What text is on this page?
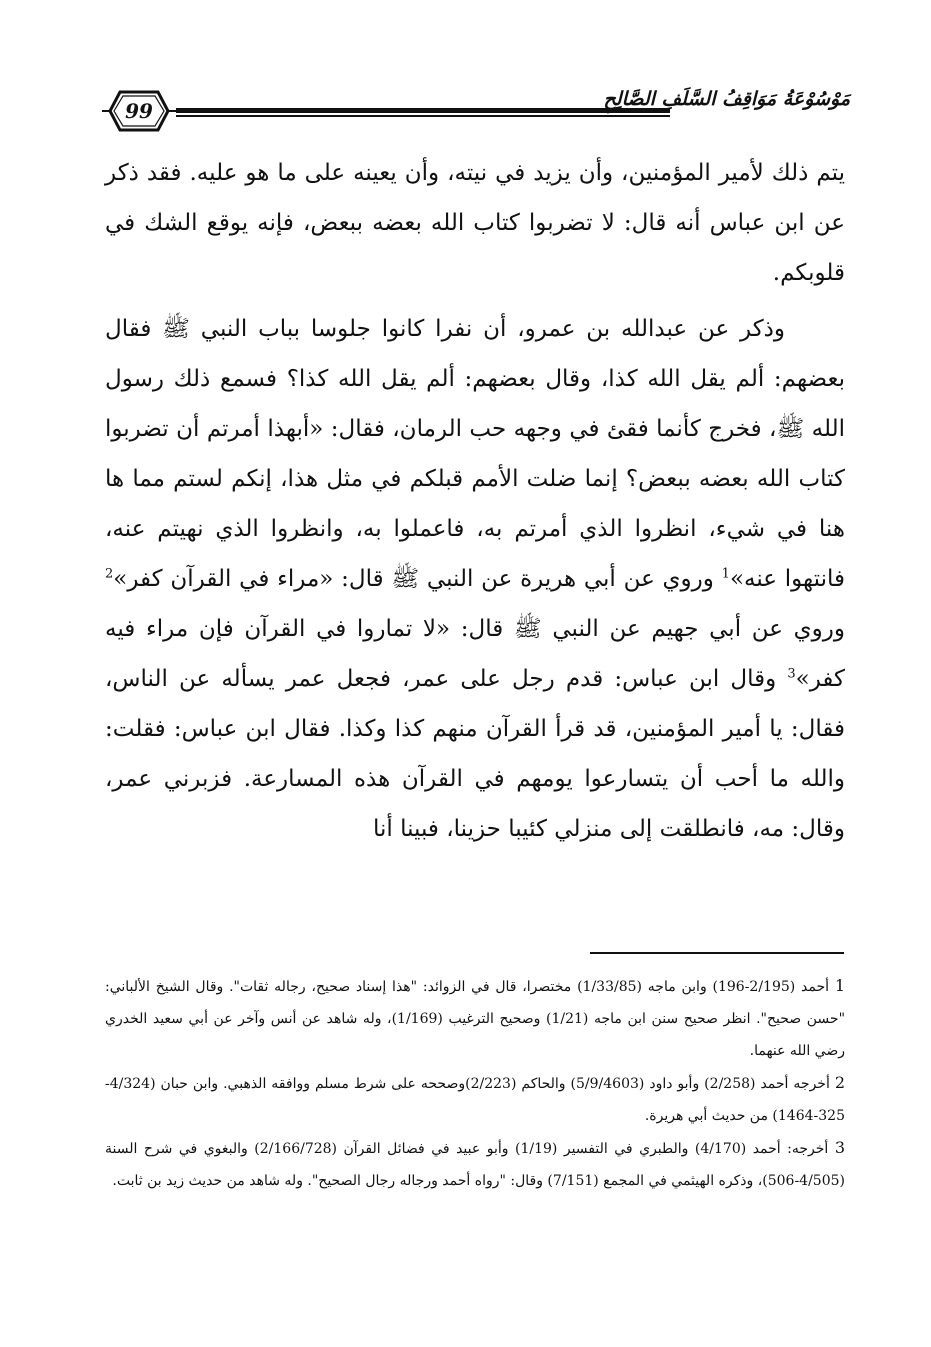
99	مَوْسُوْعَةُ مَوَاقِفُ السَّلَفِ الصَّالِحِ

يتم ذلك لأمير المؤمنين، وأن يزيد في نيته، وأن يعينه على ما هو عليه. فقد ذكر عن ابن عباس أنه قال: لا تضربوا كتاب الله بعضه ببعض، فإنه يوقع الشك في قلوبكم.

وذكر عن عبدالله بن عمرو، أن نفرا كانوا جلوسا بباب النبي ﷺ فقال بعضهم: ألم يقل الله كذا، وقال بعضهم: ألم يقل الله كذا؟ فسمع ذلك رسول الله ﷺ، فخرج كأنما فقئ في وجهه حب الرمان، فقال: «أبهذا أمرتم أن تضربوا كتاب الله بعضه ببعض؟ إنما ضلت الأمم قبلكم في مثل هذا، إنكم لستم مما ها هنا في شيء، انظروا الذي أمرتم به، فاعملوا به، وانظروا الذي نهيتم عنه، فانتهوا عنه»$^1$ وروي عن أبي هريرة عن النبي ﷺ قال: «مراء في القرآن كفر»$^2$ وروي عن أبي جهيم عن النبي ﷺ قال: «لا تماروا في القرآن فإن مراء فيه كفر»$^3$ وقال ابن عباس: قدم رجل على عمر، فجعل عمر يسأله عن الناس، فقال: يا أمير المؤمنين، قد قرأ القرآن منهم كذا وكذا. فقال ابن عباس: فقلت: والله ما أحب أن يتسارعوا يومهم في القرآن هذه المسارعة. فزبرني عمر، وقال: مه، فانطلقت إلى منزلي كئيبا حزينا، فبينا أنا

1 أحمد (2/195-196) وابن ماجه (1/33/85) مختصرا، قال في الزوائد: "هذا إسناد صحيح، رجاله ثقات". وقال الشيخ الألباني: "حسن صحيح". انظر صحيح سنن ابن ماجه (1/21) وصحيح الترغيب (1/169)، وله شاهد عن أنس وآخر عن أبي سعيد الخدري رضي الله عنهما.

2 أخرجه أحمد (2/258) وأبو داود (5/9/4603) والحاكم (2/223)وصححه على شرط مسلم ووافقه الذهبي. وابن حبان (4/324-325-1464) من حديث أبي هريرة.

3 أخرجه: أحمد (4/170) والطبري في التفسير (1/19) وأبو عبيد في فضائل القرآن (2/166/728) والبغوي في شرح السنة (4/505-506)، وذكره الهيثمي في المجمع (7/151) وقال: "رواه أحمد ورجاله رجال الصحيح". وله شاهد من حديث زيد بن ثابت.
